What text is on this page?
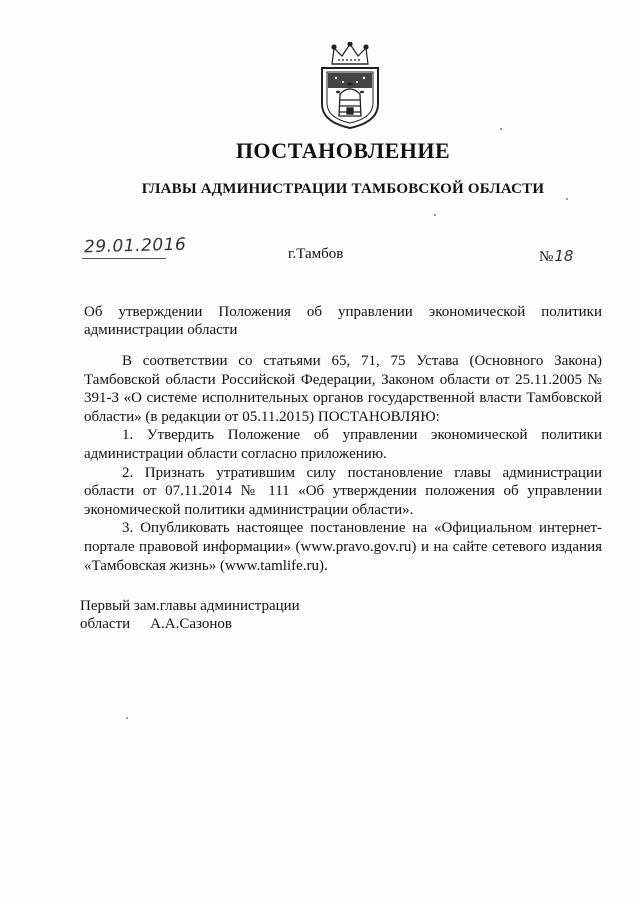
ПОСТАНОВЛЕНИЕ
ГЛАВЫ АДМИНИСТРАЦИИ ТАМБОВСКОЙ ОБЛАСТИ
29.01.2016	г.Тамбов	№18
Об утверждении Положения об управлении экономической политики администрации области

В соответствии со статьями 65, 71, 75 Устава (Основного Закона) Тамбовской области Российской Федерации, Законом области от 25.11.2005 № 391-З «О системе исполнительных органов государственной власти Тамбовской области» (в редакции от 05.11.2015) ПОСТАНОВЛЯЮ:

1. Утвердить Положение об управлении экономической политики администрации области согласно приложению.

2. Признать утратившим силу постановление главы администрации области от 07.11.2014 № 111 «Об утверждении положения об управлении экономической политики администрации области».

3. Опубликовать настоящее постановление на «Официальном интернет-портале правовой информации» (www.pravo.gov.ru) и на сайте сетевого издания «Тамбовская жизнь» (www.tamlife.ru).

Первый зам.главы администрации
области А.А.Сазонов
